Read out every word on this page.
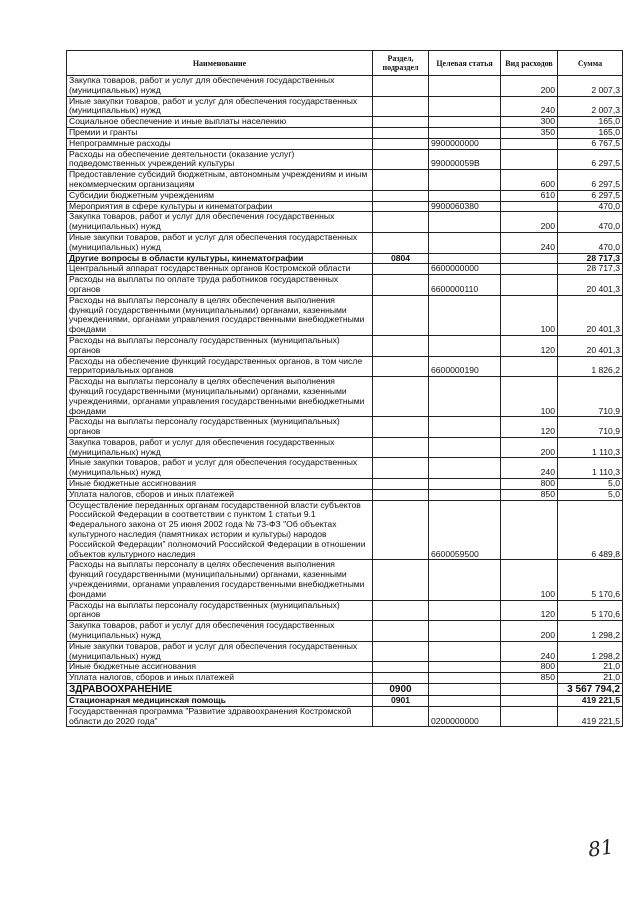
Наименование	Раздел, подраздел	Целевая статья	Вид расходов	Сумма
Закупка товаров, работ и услуг для обеспечения государственных (муниципальных) нужд			200	2 007,3
Иные закупки товаров, работ и услуг для обеспечения государственных (муниципальных) нужд			240	2 007,3
Социальное обеспечение и иные выплаты населению			300	165,0
Премии и гранты			350	165,0
Непрограммные расходы		9900000000		6 767,5
Расходы на обеспечение деятельности (оказание услуг) подведомственных учреждений культуры		990000059В		6 297,5
Предоставление субсидий бюджетным, автономным учреждениям и иным некоммерческим организациям			600	6 297,5
Субсидии бюджетным учреждениям			610	6 297,5
Мероприятия в сфере культуры и кинематографии		9900060380		470,0
Закупка товаров, работ и услуг для обеспечения государственных (муниципальных) нужд			200	470,0
Иные закупки товаров, работ и услуг для обеспечения государственных (муниципальных) нужд			240	470,0
Другие вопросы в области культуры, кинематографии	0804			28 717,3
Центральный аппарат государственных органов Костромской области		6600000000		28 717,3
Расходы на выплаты по оплате труда работников государственных органов		6600000110		20 401,3
Расходы на выплаты персоналу в целях обеспечения выполнения функций государственными (муниципальными) органами, казенными учреждениями, органами управления государственными внебюджетными фондами			100	20 401,3
Расходы на выплаты персоналу государственных (муниципальных) органов			120	20 401,3
Расходы на обеспечение функций государственных органов, в том числе территориальных органов		6600000190		1 826,2
Расходы на выплаты персоналу в целях обеспечения выполнения функций государственными (муниципальными) органами, казенными учреждениями, органами управления государственными внебюджетными фондами			100	710,9
Расходы на выплаты персоналу государственных (муниципальных) органов			120	710,9
Закупка товаров, работ и услуг для обеспечения государственных (муниципальных) нужд			200	1 110,3
Иные закупки товаров, работ и услуг для обеспечения государственных (муниципальных) нужд			240	1 110,3
Иные бюджетные ассигнования			800	5,0
Уплата налогов, сборов и иных платежей			850	5,0
Осуществление переданных органам государственной власти субъектов Российской Федерации в соответствии с пунктом 1 статьи 9.1 Федерального закона от 25 июня 2002 года № 73-ФЗ "Об объектах культурного наследия (памятниках истории и культуры) народов Российской Федерации" полномочий Российской Федерации в отношении объектов культурного наследия		6600059500		6 489,8
Расходы на выплаты персоналу в целях обеспечения выполнения функций государственными (муниципальными) органами, казенными учреждениями, органами управления государственными внебюджетными фондами			100	5 170,6
Расходы на выплаты персоналу государственных (муниципальных) органов			120	5 170,6
Закупка товаров, работ и услуг для обеспечения государственных (муниципальных) нужд			200	1 298,2
Иные закупки товаров, работ и услуг для обеспечения государственных (муниципальных) нужд			240	1 298,2
Иные бюджетные ассигнования			800	21,0
Уплата налогов, сборов и иных платежей			850	21,0
ЗДРАВООХРАНЕНИЕ	0900			3 567 794,2
Стационарная медицинская помощь	0901			419 221,5
Государственная программа "Развитие здравоохранения Костромской области до 2020 года"		0200000000		419 221,5
81
